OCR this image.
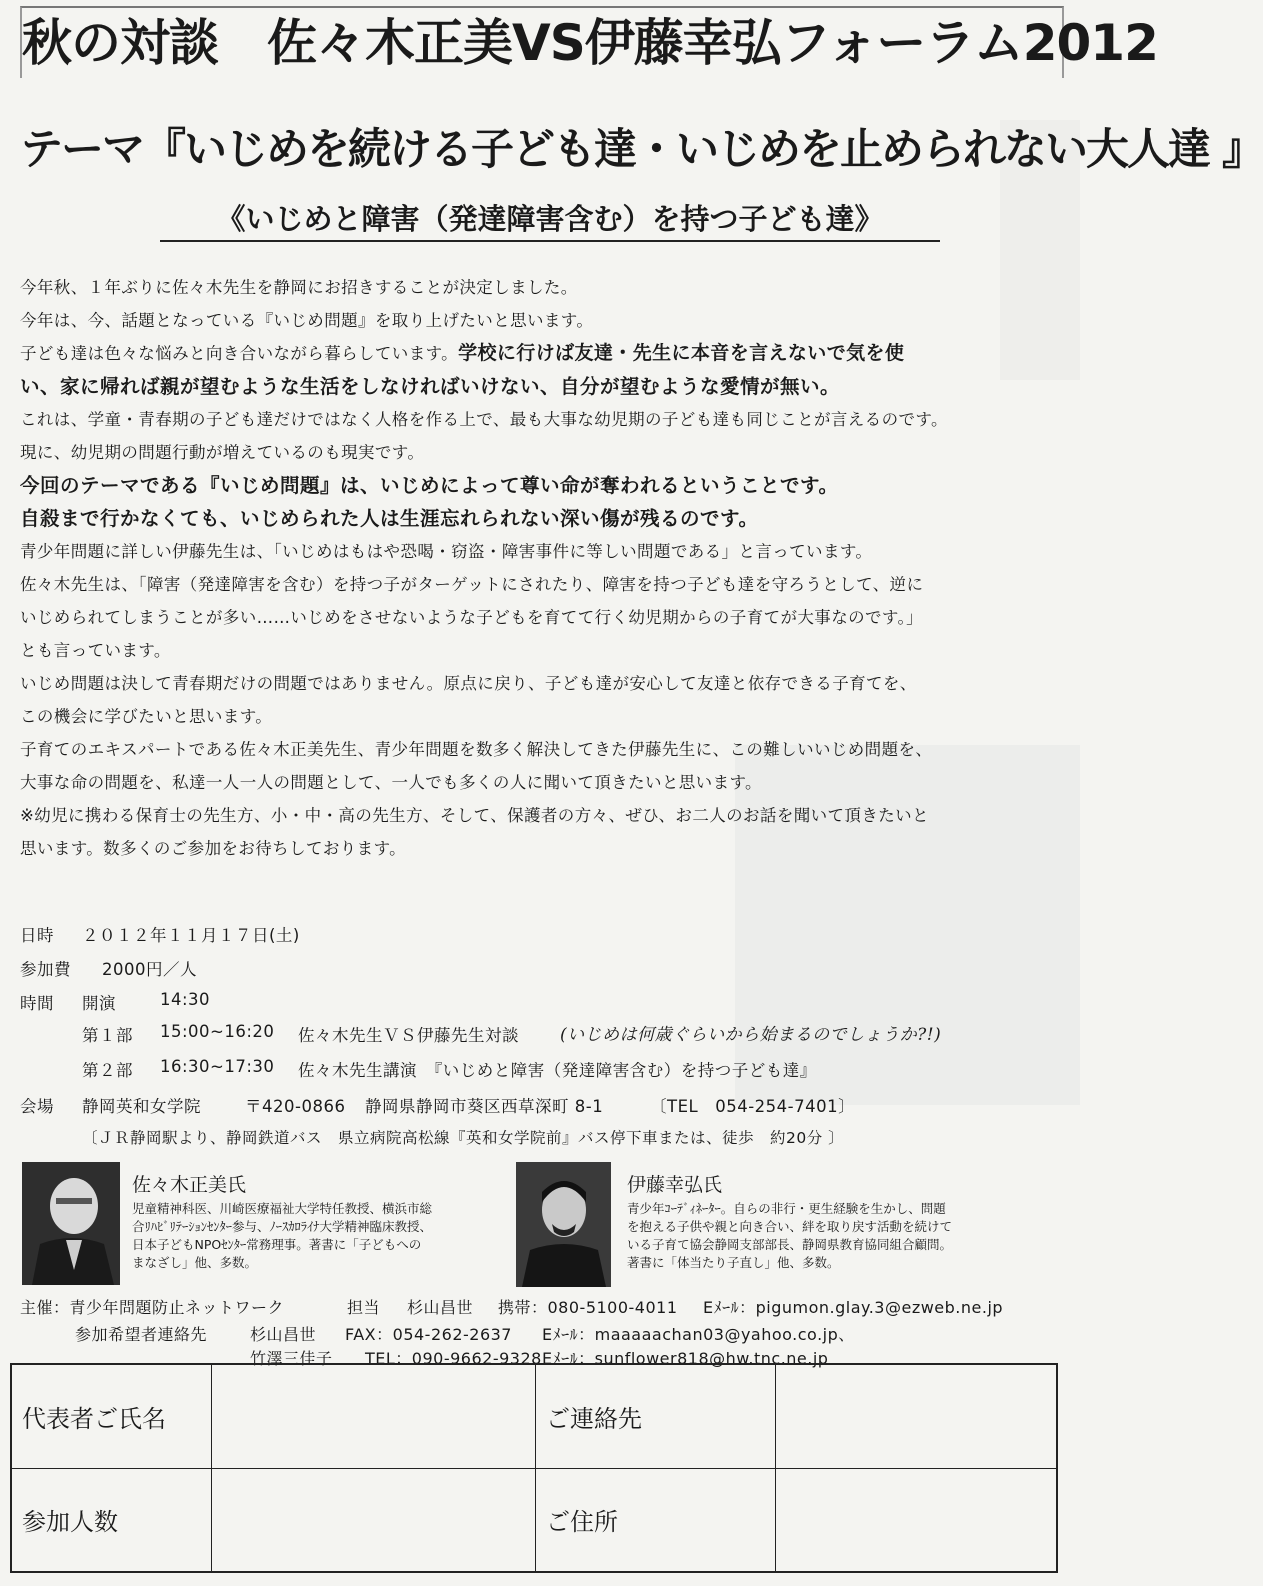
秋の対談　佐々木正美VS伊藤幸弘フォーラム2012
テーマ『いじめを続ける子ども達・いじめを止められない大人達 』
《いじめと障害（発達障害含む）を持つ子ども達》
今年秋、１年ぶりに佐々木先生を静岡にお招きすることが決定しました。
今年は、今、話題となっている『いじめ問題』を取り上げたいと思います。
子ども達は色々な悩みと向き合いながら暮らしています。学校に行けば友達・先生に本音を言えないで気を使
い、家に帰れば親が望むような生活をしなければいけない、自分が望むような愛情が無い。
これは、学童・青春期の子ども達だけではなく人格を作る上で、最も大事な幼児期の子ども達も同じことが言えるのです。
現に、幼児期の問題行動が増えているのも現実です。
今回のテーマである『いじめ問題』は、いじめによって尊い命が奪われるということです。
自殺まで行かなくても、いじめられた人は生涯忘れられない深い傷が残るのです。
青少年問題に詳しい伊藤先生は、「いじめはもはや恐喝・窃盗・障害事件に等しい問題である」と言っています。
佐々木先生は、「障害（発達障害を含む）を持つ子がターゲットにされたり、障害を持つ子ども達を守ろうとして、逆に
いじめられてしまうことが多い……いじめをさせないような子どもを育てて行く幼児期からの子育てが大事なのです。」
とも言っています。
いじめ問題は決して青春期だけの問題ではありません。原点に戻り、子ども達が安心して友達と依存できる子育てを、
この機会に学びたいと思います。
子育てのエキスパートである佐々木正美先生、青少年問題を数多く解決してきた伊藤先生に、この難しいいじめ問題を、
大事な命の問題を、私達一人一人の問題として、一人でも多くの人に聞いて頂きたいと思います。
※幼児に携わる保育士の先生方、小・中・高の先生方、そして、保護者の方々、ぜひ、お二人のお話を聞いて頂きたいと
思います。数多くのご参加をお待ちしております。
日時 ２０１２年１１月１７日(土)
参加費 2000円／人
時間 開演	14:30
第１部 15:00~16:20 佐々木先生ＶＳ伊藤先生対談 (いじめは何歳ぐらいから始まるのでしょうか?!)
第２部 16:30~17:30 佐々木先生講演　『いじめと障害（発達障害含む）を持つ子ども達』
会場 静岡英和女学院	〒420-0866 静岡県静岡市葵区西草深町 8-1	〔TEL　054-254-7401〕
〔ＪＲ静岡駅より、静岡鉄道バス　県立病院高松線『英和女学院前』バス停下車または、徒歩　約20分 〕
佐々木正美氏
児童精神科医、川崎医療福祉大学特任教授、横浜市総
合ﾘﾊﾋﾞﾘﾃｰｼｮﾝｾﾝﾀｰ参与、ﾉｰｽｶﾛﾗｲﾅ大学精神臨床教授、
日本子どもNPOｾﾝﾀｰ常務理事。著書に「子どもへの
まなざし」他、多数。
伊藤幸弘氏
青少年ｺｰﾃﾞｨﾈｰﾀｰ。自らの非行・更生経験を生かし、問題
を抱える子供や親と向き合い、絆を取り戻す活動を続けて
いる子育て協会静岡支部部長、静岡県教育協同組合顧問。
著書に「体当たり子直し」他、多数。
主催：青少年問題防止ネットワーク	担当 杉山昌世 携帯：080-5100-4011 Eﾒｰﾙ：pigumon.glay.3@ezweb.ne.jp
参加希望者連絡先	杉山昌世 FAX：054-262-2637 Eﾒｰﾙ：maaaaachan03@yahoo.co.jp、
竹澤三佳子 TEL：090-9662-9328 Eﾒｰﾙ：sunflower818@hw.tnc.ne.jp
代表者ご氏名		ご連絡先	
参加人数		ご住所	
